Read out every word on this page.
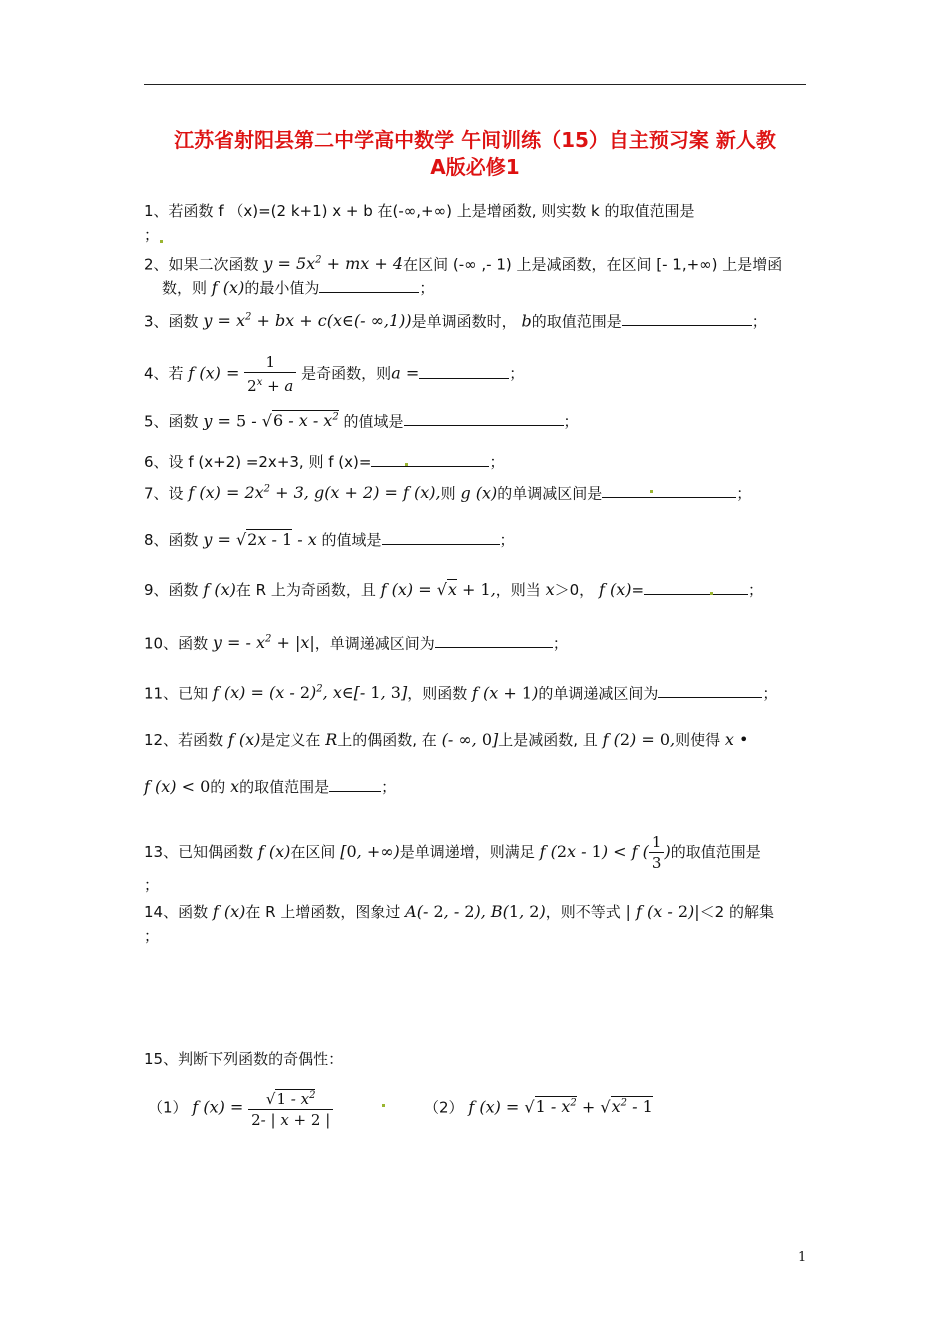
江苏省射阳县第二中学高中数学 午间训练（15）自主预习案 新人教
A版必修1
1、若函数 f （x)=(2 k+1) x + b 在(-∞,+∞) 上是增函数, 则实数 k 的取值范围是
；
2、如果二次函数 $y = 5x^2$ + mx + 4在区间 (-∞ ,- 1) 上是减函数，在区间 [- 1,+∞) 上是增函
数，则 f (x)的最小值为	；
3、函数 $y = x^2$ + bx + c(x∈(- ∞,1))是单调函数时， b的取值范围是	；
4、若 f $(x) = \frac{1}{2^x + a}$ 是奇函数，则a =	；
5、函数 $y = 5 - √6 - x - x^2$ 的值域是	；
6、设 f (x+2) =2x+3, 则 f (x)=	；
7、设 f $(x) = 2x^2 + 3$, g(x + 2) = f (x),则 g (x)的单调减区间是	；
8、函数 y = √2x - 1 - x 的值域是	；
9、函数 f (x)在 R 上为奇函数，且 f (x) = √x + 1,，则当 x＞0， f (x)=	；
10、函数 y = - $x^2 + |x|$，单调递减区间为	；
11、已知 f (x) = (x - 2)$^2$, x∈[- 1, 3]，则函数 f (x + 1)的单调递减区间为	；
12、若函数 f (x)是定义在 R上的偶函数, 在 (- ∞, 0]上是减函数, 且 f (2) = 0,则使得 x •
f (x) < 0的 x的取值范围是	；
13、已知偶函数 f (x)在区间 [0, +∞)是单调递增，则满足 f (2x - 1) < f ( $\frac{1}{3}$ )的取值范围是
；
14、函数 f (x)在 R 上增函数，图象过 A(- 2, - 2), B(1, 2)，则不等式 | f (x - 2)|＜2 的解集
；
15、判断下列函数的奇偶性：
（1） f $(x) = \frac{√1 - x^2}{2- | x + 2 |}$	（2） f $(x) = √1 - x^2 + √x^2 - 1$
1
